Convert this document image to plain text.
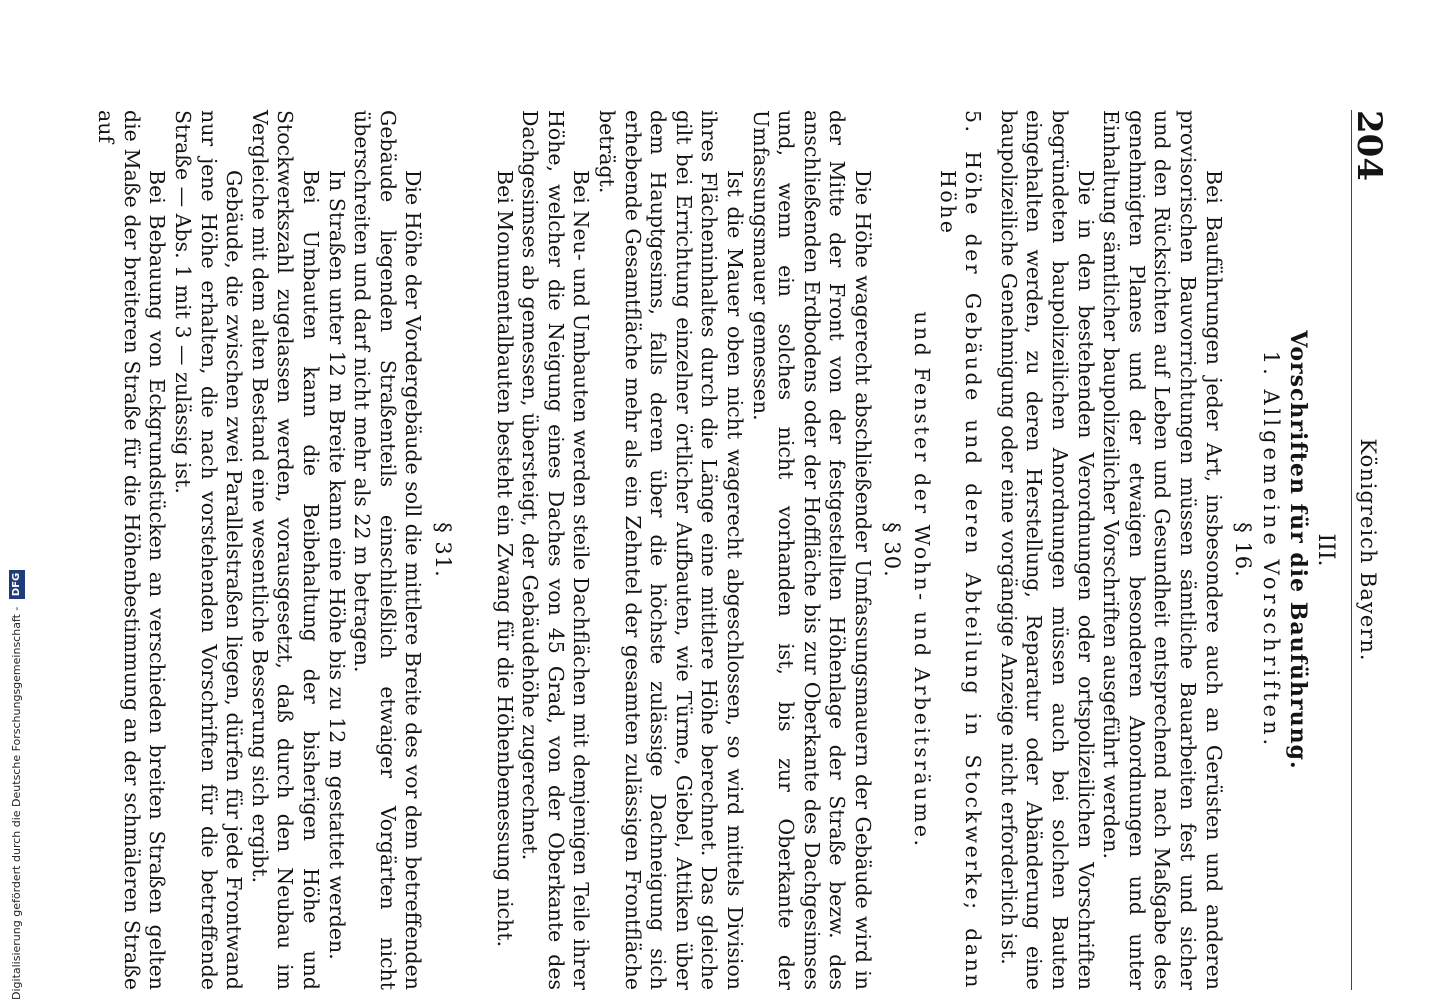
204
Königreich Bayern.
III.
Vorschriften für die Bauführung.
1. Allgemeine Vorschriften.
§ 16.

Bei Bauführungen jeder Art, insbesondere auch an Gerüsten und anderen provisorischen Bauvorrichtungen müssen sämtliche Bauarbeiten fest und sicher und den Rücksichten auf Leben und Gesundheit entsprechend nach Maßgabe des genehmigten Planes und der etwaigen besonderen Anordnungen und unter Einhaltung sämtlicher baupolizeilicher Vorschriften ausgeführt werden.

Die in den bestehenden Verordnungen oder ortspolizeilichen Vorschriften begründeten baupolizeilichen Anordnungen müssen auch bei solchen Bauten eingehalten werden, zu deren Herstellung, Reparatur oder Abänderung eine baupolizeiliche Genehmigung oder eine vorgängige Anzeige nicht erforderlich ist.

5. Höhe der Gebäude und deren Abteilung in Stockwerke; dann Höhe
und Fenster der Wohn- und Arbeitsräume.

§ 30.

Die Höhe wagerecht abschließender Umfassungsmauern der Gebäude wird in der Mitte der Front von der festgestellten Höhenlage der Straße bezw. des anschließenden Erdbodens oder der Hoffläche bis zur Oberkante des Dachgesimses und, wenn ein solches nicht vorhanden ist, bis zur Oberkante der Umfassungsmauer gemessen.

Ist die Mauer oben nicht wagerecht abgeschlossen, so wird mittels Division ihres Flächeninhaltes durch die Länge eine mittlere Höhe berechnet. Das gleiche gilt bei Errichtung einzelner örtlicher Aufbauten, wie Türme, Giebel, Attiken über dem Hauptgesims, falls deren über die höchste zulässige Dachneigung sich erhebende Gesamtfläche mehr als ein Zehntel der gesamten zulässigen Frontfläche beträgt.

Bei Neu- und Umbauten werden steile Dachflächen mit demjenigen Teile ihrer Höhe, welcher die Neigung eines Daches von 45 Grad, von der Oberkante des Dachgesimses ab gemessen, übersteigt, der Gebäudehöhe zugerechnet.

Bei Monumentalbauten besteht ein Zwang für die Höhenbemessung nicht.

§ 31.

Die Höhe der Vordergebäude soll die mittlere Breite des vor dem betreffenden Gebäude liegenden Straßenteils einschließlich etwaiger Vorgärten nicht überschreiten und darf nicht mehr als 22 m betragen.

In Straßen unter 12 m Breite kann eine Höhe bis zu 12 m gestattet werden.

Bei Umbauten kann die Beibehaltung der bisherigen Höhe und Stockwerkszahl zugelassen werden, vorausgesetzt, daß durch den Neubau im Vergleiche mit dem alten Bestand eine wesentliche Besserung sich ergibt.

Gebäude, die zwischen zwei Parallelstraßen liegen, dürfen für jede Frontwand nur jene Höhe erhalten, die nach vorstehenden Vorschriften für die betreffende Straße — Abs. 1 mit 3 — zulässig ist.

Bei Bebauung von Eckgrundstücken an verschieden breiten Straßen gelten die Maße der breiteren Straße für die Höhenbestimmung an der schmäleren Straße auf

Digitalisierung gefördert durch die Deutsche Forschungsgemeinschaft - DFG
